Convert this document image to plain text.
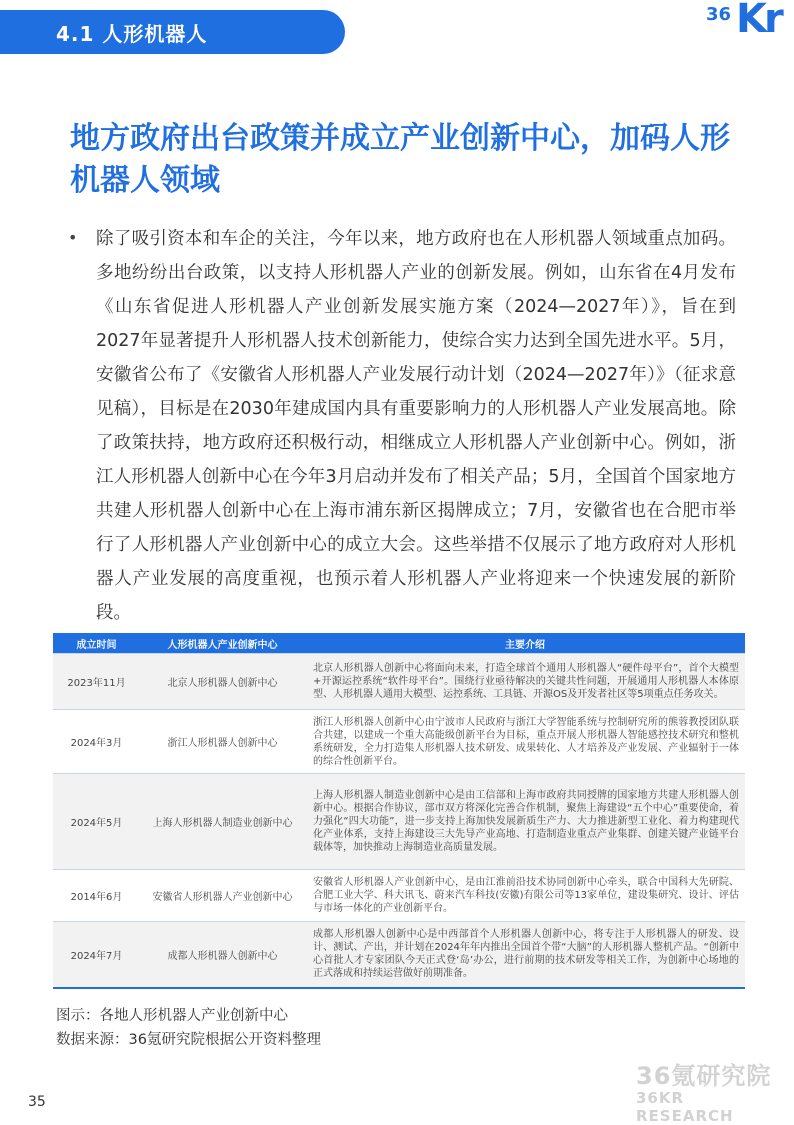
4.1 人形机器人
36 Kr
地方政府出台政策并成立产业创新中心，加码人形机器人领域
• 除了吸引资本和车企的关注，今年以来，地方政府也在人形机器人领域重点加码。多地纷纷出台政策，以支持人形机器人产业的创新发展。例如，山东省在4月发布《山东省促进人形机器人产业创新发展实施方案（2024—2027年）》，旨在到2027年显著提升人形机器人技术创新能力，使综合实力达到全国先进水平。5月，安徽省公布了《安徽省人形机器人产业发展行动计划（2024—2027年）》（征求意见稿），目标是在2030年建成国内具有重要影响力的人形机器人产业发展高地。除了政策扶持，地方政府还积极行动，相继成立人形机器人产业创新中心。例如，浙江人形机器人创新中心在今年3月启动并发布了相关产品；5月，全国首个国家地方共建人形机器人创新中心在上海市浦东新区揭牌成立；7月，安徽省也在合肥市举行了人形机器人产业创新中心的成立大会。这些举措不仅展示了地方政府对人形机器人产业发展的高度重视，也预示着人形机器人产业将迎来一个快速发展的新阶段。
成立时间	人形机器人产业创新中心	主要介绍
2023年11月	北京人形机器人创新中心	北京人形机器人创新中心将面向未来，打造全球首个通用人形机器人“硬件母平台”，首个大模型+开源运控系统“软件母平台”。围绕行业亟待解决的关键共性问题，开展通用人形机器人本体原型、人形机器人通用大模型、运控系统、工具链、开源OS及开发者社区等5项重点任务攻关。
2024年3月	浙江人形机器人创新中心	浙江人形机器人创新中心由宁波市人民政府与浙江大学智能系统与控制研究所的熊蓉教授团队联合共建，以建成一个重大高能级创新平台为目标，重点开展人形机器人智能感控技术研究和整机系统研发，全力打造集人形机器人技术研发、成果转化、人才培养及产业发展、产业辐射于一体的综合性创新平台。
2024年5月	上海人形机器人制造业创新中心	上海人形机器人制造业创新中心是由工信部和上海市政府共同授牌的国家地方共建人形机器人创新中心。根据合作协议，部市双方将深化完善合作机制，聚焦上海建设“五个中心”重要使命，着力强化“四大功能”，进一步支持上海加快发展新质生产力、大力推进新型工业化、着力构建现代化产业体系，支持上海建设三大先导产业高地、打造制造业重点产业集群、创建关键产业链平台载体等，加快推动上海制造业高质量发展。
2014年6月	安徽省人形机器人产业创新中心	安徽省人形机器人产业创新中心，是由江淮前沿技术协同创新中心牵头，联合中国科大先研院、合肥工业大学、科大讯飞、蔚来汽车科技(安徽)有限公司等13家单位，建设集研究、设计、评估与市场一体化的产业创新平台。
2024年7月	成都人形机器人创新中心	成都人形机器人创新中心是中西部首个人形机器人创新中心，将专注于人形机器人的研发、设计、测试、产出，并计划在2024年年内推出全国首个带“大脑”的人形机器人整机产品。“创新中心首批人才专家团队今天正式登‘岛’办公，进行前期的技术研发等相关工作，为创新中心场地的正式落成和持续运营做好前期准备。
图示：各地人形机器人产业创新中心
数据来源：36氪研究院根据公开资料整理
36氪研究院
36KR RESEARCH
35
